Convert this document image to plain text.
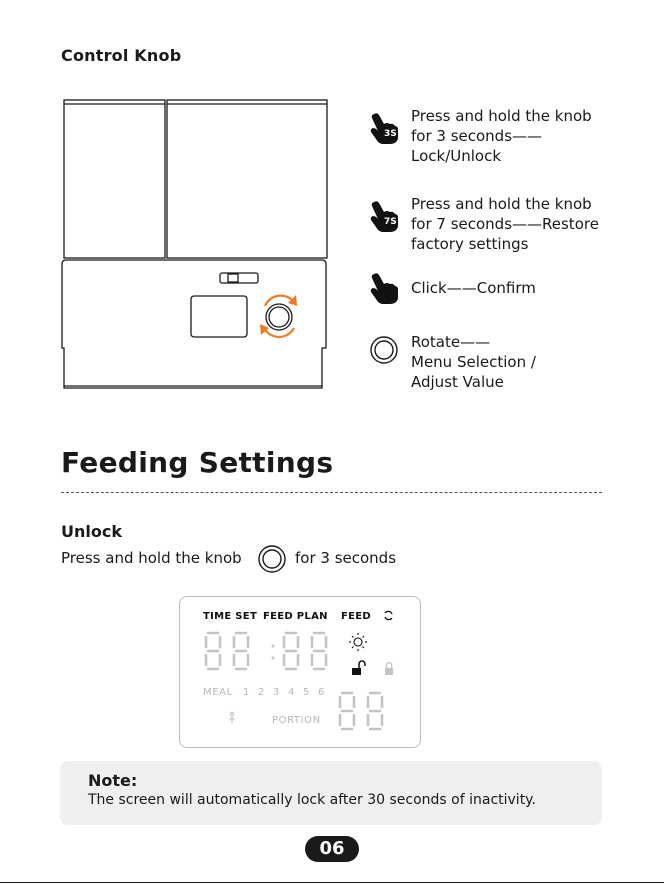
Control Knob
3S
7S
Press and hold the knob
for 3 seconds——
Lock/Unlock
Press and hold the knob
for 7 seconds——Restore
factory settings
Click——Confirm
Rotate——
Menu Selection /
Adjust Value
Feeding Settings
Unlock
Press and hold the knob	for 3 seconds
TIME SET FEED PLAN FEED
MEAL 1 2 3 4 5 6
PORTION
Note:
The screen will automatically lock after 30 seconds of inactivity.
06
